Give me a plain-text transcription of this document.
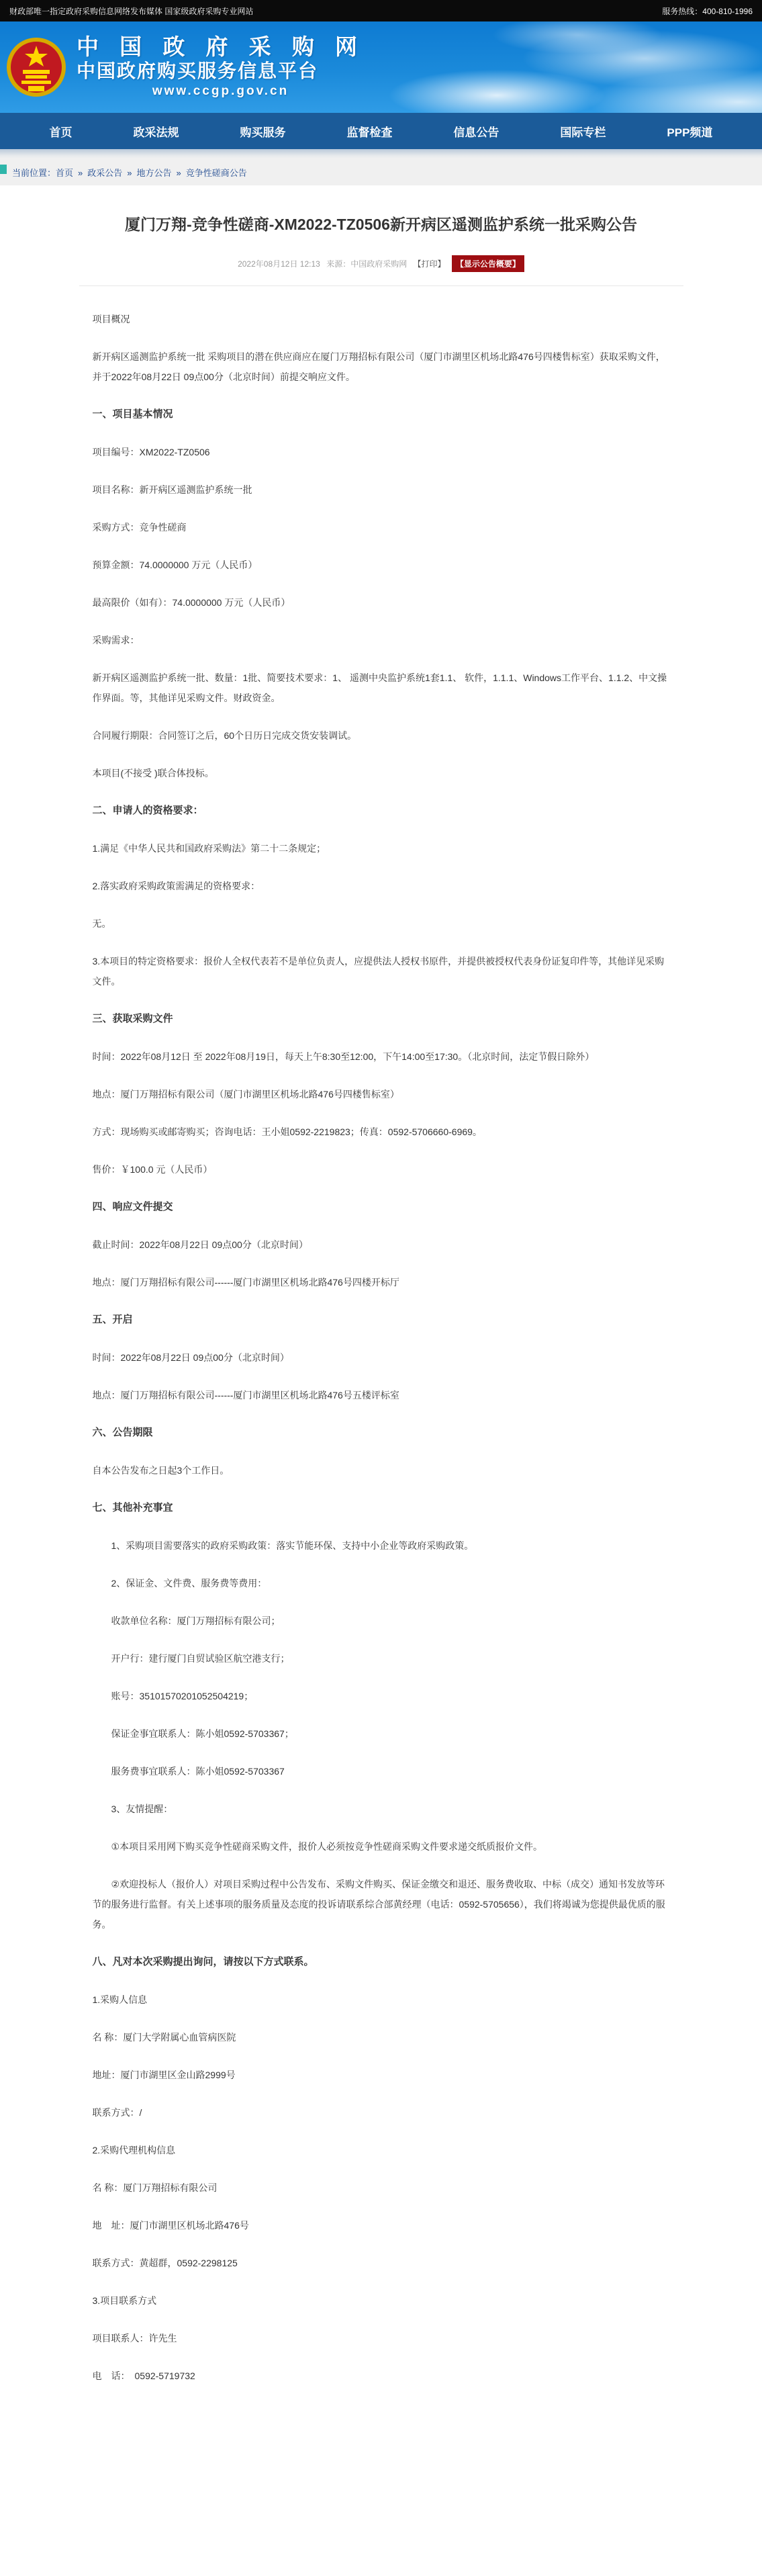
财政部唯一指定政府采购信息网络发布媒体 国家级政府采购专业网站	服务热线：400-810-1996
中 国 政 府 采 购 网
中国政府购买服务信息平台
www.ccgp.gov.cn
首页	政采法规	购买服务	监督检查	信息公告	国际专栏	PPP频道
当前位置： 首页 » 政采公告 » 地方公告 » 竞争性磋商公告
厦门万翔-竞争性磋商-XM2022-TZ0506新开病区遥测监护系统一批采购公告
2022年08月12日 12:13 来源：中国政府采购网 【打印】 【显示公告概要】

项目概况

新开病区遥测监护系统一批 采购项目的潜在供应商应在厦门万翔招标有限公司（厦门市湖里区机场北路476号四楼售标室）获取采购文件，并于2022年08月22日 09点00分（北京时间）前提交响应文件。

一、项目基本情况

项目编号：XM2022-TZ0506

项目名称：新开病区遥测监护系统一批

采购方式：竞争性磋商

预算金额：74.0000000 万元（人民币）

最高限价（如有）：74.0000000 万元（人民币）

采购需求：

新开病区遥测监护系统一批、数量：1批、简要技术要求：1、 遥测中央监护系统1套1.1、 软件，1.1.1、Windows工作平台、1.1.2、中文操作界面。等，其他详见采购文件。财政资金。

合同履行期限：合同签订之后，60个日历日完成交货安装调试。

本项目(不接受 )联合体投标。

二、申请人的资格要求：

1.满足《中华人民共和国政府采购法》第二十二条规定；

2.落实政府采购政策需满足的资格要求：

无。

3.本项目的特定资格要求：报价人全权代表若不是单位负责人，应提供法人授权书原件，并提供被授权代表身份证复印件等，其他详见采购文件。

三、获取采购文件

时间：2022年08月12日 至 2022年08月19日，每天上午8:30至12:00，下午14:00至17:30。（北京时间，法定节假日除外）

地点：厦门万翔招标有限公司（厦门市湖里区机场北路476号四楼售标室）

方式：现场购买或邮寄购买；咨询电话：王小姐0592-2219823；传真：0592-5706660-6969。

售价：￥100.0 元（人民币）

四、响应文件提交

截止时间：2022年08月22日 09点00分（北京时间）

地点：厦门万翔招标有限公司------厦门市湖里区机场北路476号四楼开标厅

五、开启

时间：2022年08月22日 09点00分（北京时间）

地点：厦门万翔招标有限公司------厦门市湖里区机场北路476号五楼评标室

六、公告期限

自本公告发布之日起3个工作日。

七、其他补充事宜

1、采购项目需要落实的政府采购政策：落实节能环保、支持中小企业等政府采购政策。

2、保证金、文件费、服务费等费用：

收款单位名称：厦门万翔招标有限公司；

开户行：建行厦门自贸试验区航空港支行；

账号：35101570201052504219；

保证金事宜联系人：陈小姐0592-5703367；

服务费事宜联系人：陈小姐0592-5703367

3、友情提醒：

①本项目采用网下购买竞争性磋商采购文件，报价人必须按竞争性磋商采购文件要求递交纸质报价文件。

②欢迎投标人（报价人）对项目采购过程中公告发布、采购文件购买、保证金缴交和退还、服务费收取、中标（成交）通知书发放等环节的服务进行监督。有关上述事项的服务质量及态度的投诉请联系综合部黄经理（电话：0592-5705656），我们将竭诚为您提供最优质的服务。

八、凡对本次采购提出询问，请按以下方式联系。

1.采购人信息

名 称：厦门大学附属心血管病医院

地址：厦门市湖里区金山路2999号

联系方式：/

2.采购代理机构信息

名 称：厦门万翔招标有限公司

地　址：厦门市湖里区机场北路476号

联系方式：黄超群，0592-2298125

3.项目联系方式

项目联系人：许先生

电　话：　0592-5719732
